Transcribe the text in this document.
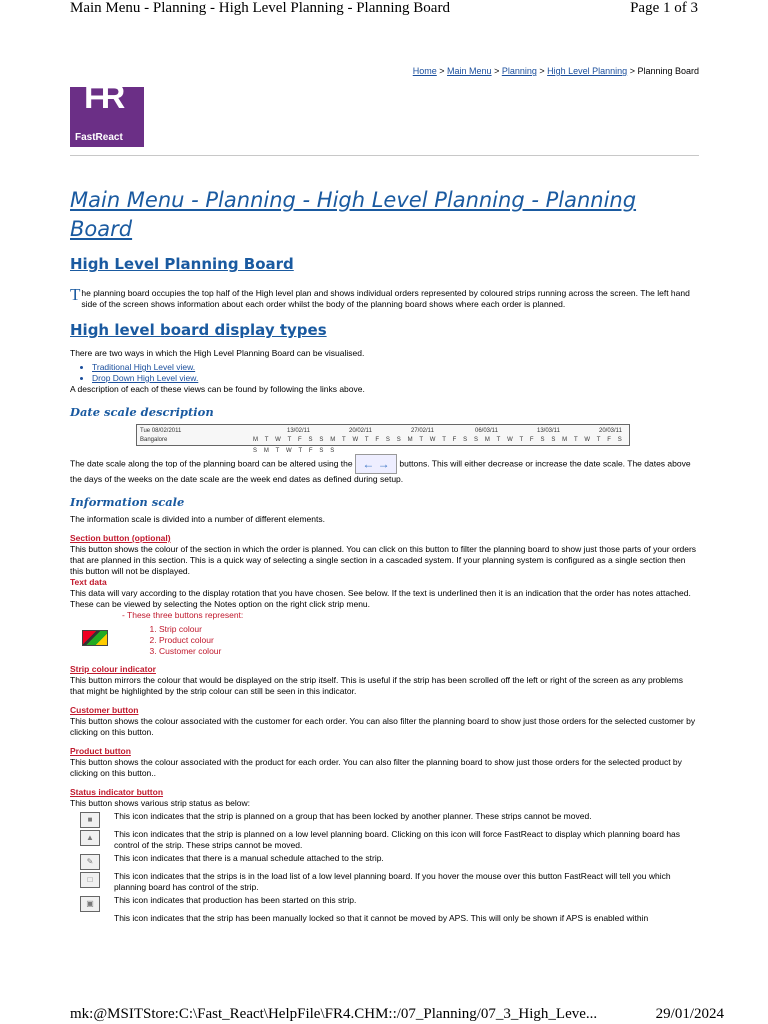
Main Menu - Planning - High Level Planning - Planning Board	Page 1 of 3
Home > Main Menu > Planning > High Level Planning > Planning Board
FR
FastReact
Main Menu - Planning - High Level Planning - Planning Board
High Level Planning Board

The planning board occupies the top half of the High level plan and shows individual orders represented by coloured strips running across the screen. The left hand side of the screen shows information about each order whilst the body of the planning board shows where each order is planned.

High level board display types

There are two ways in which the High Level Planning Board can be visualised.

• Traditional High Level view.
• Drop Down High Level view.

A description of each of these views can be found by following the links above.

Date scale description
Tue 08/02/2011
Bangalore
13/02/11	20/02/11	27/02/11	06/03/11	13/03/11	20/03/11
M T W T F S S M T W T F S S M T W T F S S M T W T F S S M T W T F S S M T W T F S S

The date scale along the top of the planning board can be altered using the ← → buttons. This will either decrease or increase the date scale. The dates above the days of the weeks on the date scale are the week end dates as defined during setup.

Information scale

The information scale is divided into a number of different elements.

Section button (optional)

This button shows the colour of the section in which the order is planned. You can click on this button to filter the planning board to show just those parts of your orders that are planned in this section. This is a quick way of selecting a single section in a cascaded system. If your planning system is configured as a single section then this button will not be displayed.

Text data

This data will vary according to the display rotation that you have chosen. See below. If the text is underlined then it is an indication that the order has notes attached. These can be viewed by selecting the Notes option on the right click strip menu.

- These three buttons represent:

1. Strip colour
2. Product colour
3. Customer colour

Strip colour indicator

This button mirrors the colour that would be displayed on the strip itself. This is useful if the strip has been scrolled off the left or right of the screen as any problems that might be highlighted by the strip colour can still be seen in this indicator.

Customer button

This button shows the colour associated with the customer for each order. You can also filter the planning board to show just those orders for the selected customer by clicking on this button.

Product button

This button shows the colour associated with the product for each order. You can also filter the planning board to show just those orders for the selected product by clicking on this button..

Status indicator button

This button shows various strip status as below:

■	This icon indicates that the strip is planned on a group that has been locked by another planner. These strips cannot be moved.
▲	This icon indicates that the strip is planned on a low level planning board. Clicking on this icon will force FastReact to display which planning board has control of the strip. These strips cannot be moved.
✎	This icon indicates that there is a manual schedule attached to the strip.
□	This icon indicates that the strips is in the load list of a low level planning board. If you hover the mouse over this button FastReact will tell you which planning board has control of the strip.
▣	This icon indicates that production has been started on this strip.
This icon indicates that the strip has been manually locked so that it cannot be moved by APS. This will only be shown if APS is enabled within
mk:@MSITStore:C:\Fast_React\HelpFile\FR4.CHM::/07_Planning/07_3_High_Leve...	29/01/2024
